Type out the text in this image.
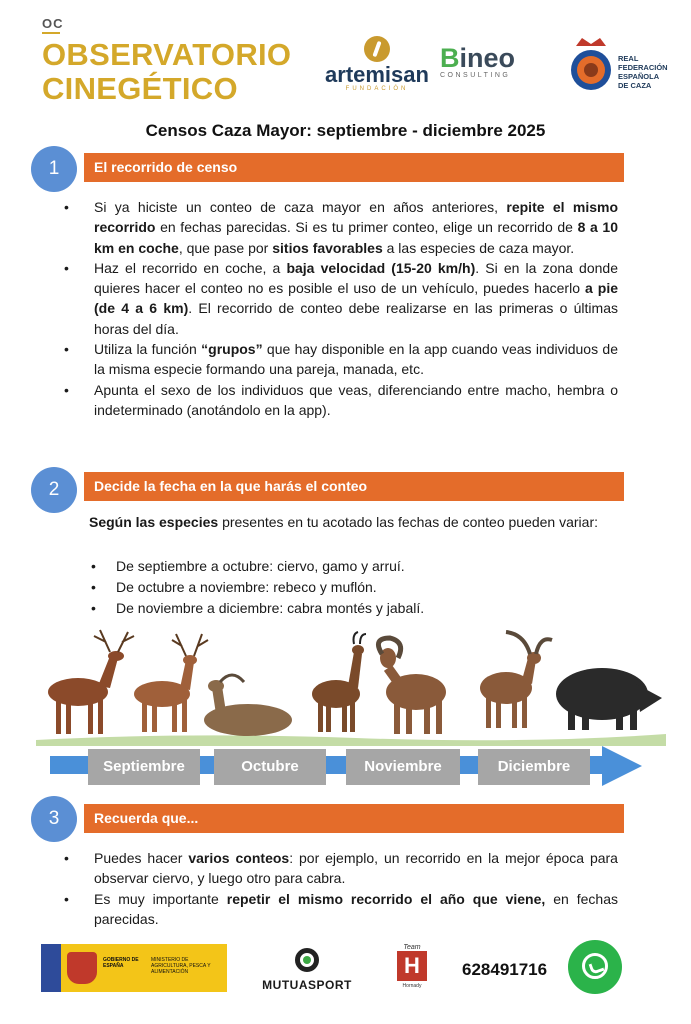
OC
OBSERVATORIO
CINEGÉTICO	artemisan
FUNDACIÓN
Bineo
CONSULTING
REAL
FEDERACIÓN
ESPAÑOLA
DE CAZA
Censos Caza Mayor: septiembre - diciembre 2025
1	El recorrido de censo
• Si ya hiciste un conteo de caza mayor en años anteriores, repite el mismo recorrido en fechas parecidas. Si es tu primer conteo, elige un recorrido de 8 a 10 km en coche, que pase por sitios favorables a las especies de caza mayor.
• Haz el recorrido en coche, a baja velocidad (15-20 km/h). Si en la zona donde quieres hacer el conteo no es posible el uso de un vehículo, puedes hacerlo a pie (de 4 a 6 km). El recorrido de conteo debe realizarse en las primeras o últimas horas del día.
• Utiliza la función “grupos” que hay disponible en la app cuando veas individuos de la misma especie formando una pareja, manada, etc.
• Apunta el sexo de los individuos que veas, diferenciando entre macho, hembra o indeterminado (anotándolo en la app).
2	Decide la fecha en la que harás el conteo
Según las especies presentes en tu acotado las fechas de conteo pueden variar:
• De septiembre a octubre: ciervo, gamo y arruí.
• De octubre a noviembre: rebeco y muflón.
• De noviembre a diciembre: cabra montés y jabalí.
Septiembre	Octubre	Noviembre	Diciembre
3	Recuerda que...
• Puedes hacer varios conteos: por ejemplo, un recorrido en la mejor época para observar ciervo, y luego otro para cabra.
• Es muy importante repetir el mismo recorrido el año que viene, en fechas parecidas.
GOBIERNO DE ESPAÑA
MINISTERIO DE AGRICULTURA, PESCA Y ALIMENTACIÓN
MUTUASPORT
Team
H
Hornady
628491716
